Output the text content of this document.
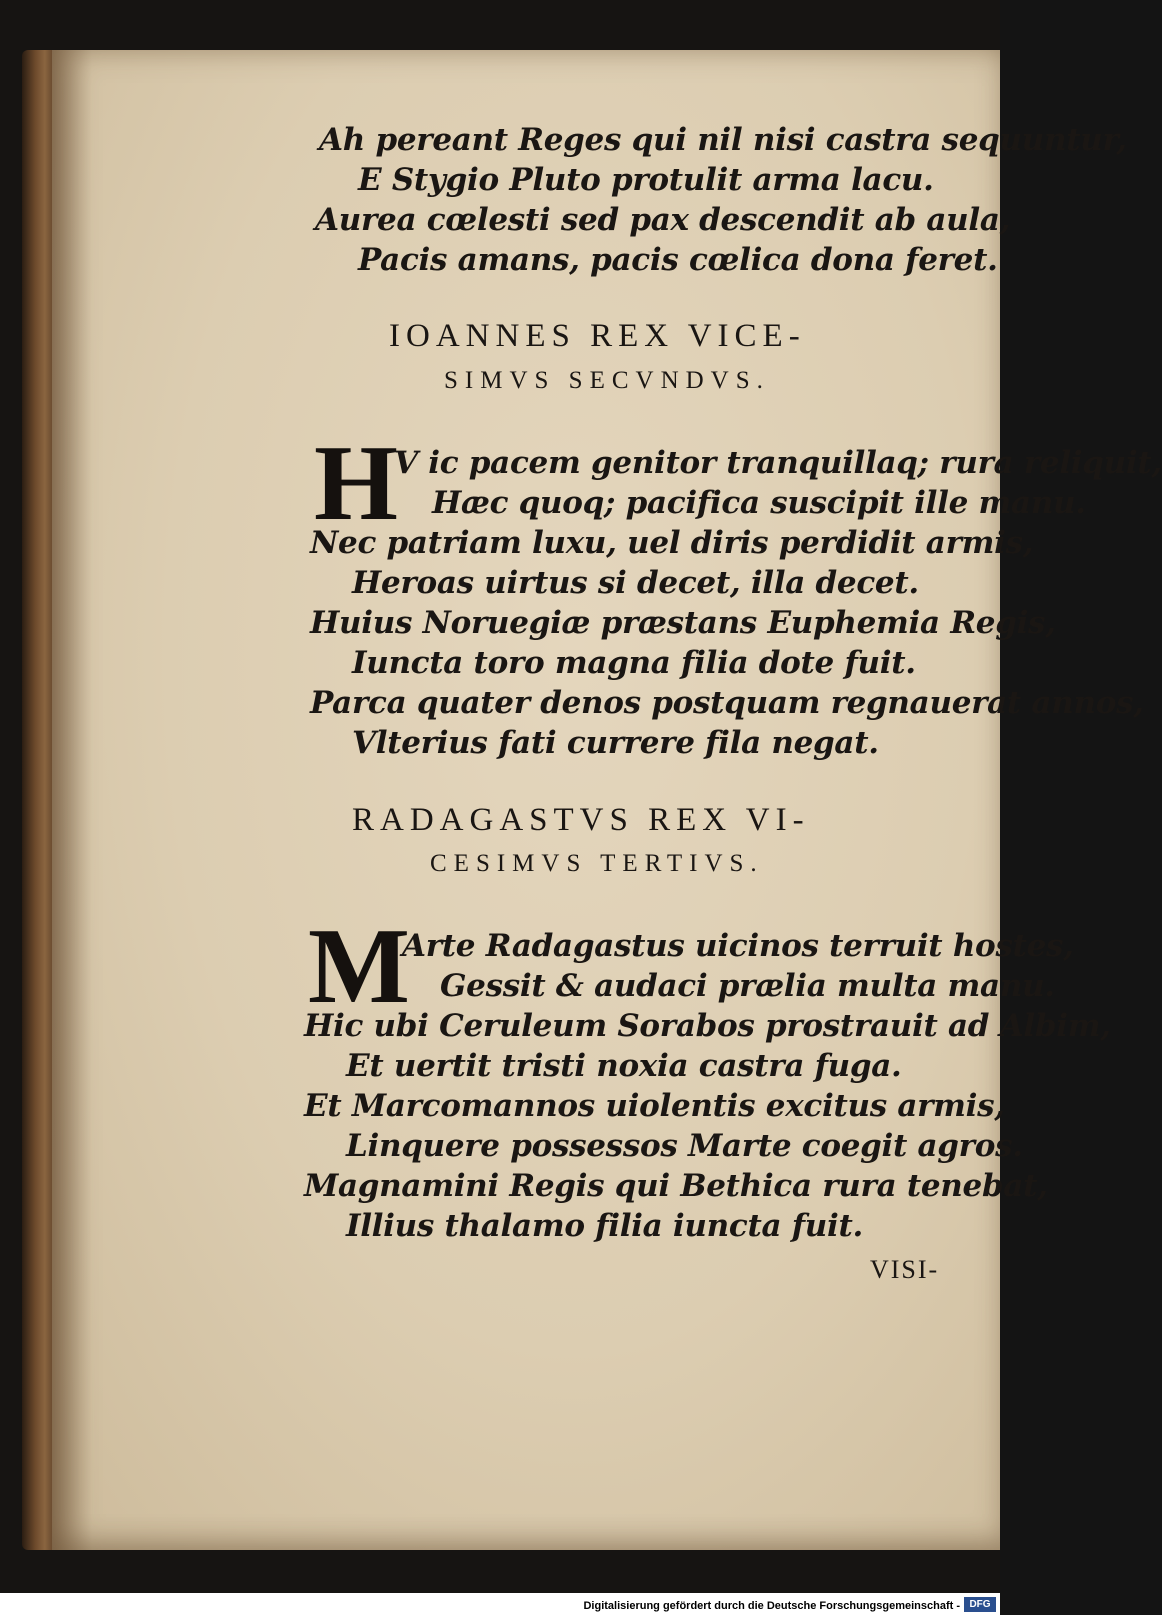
Ah pereant Reges qui nil nisi castra sequuntur,
E Stygio Pluto protulit arma lacu.
Aurea cœlesti sed pax descendit ab aula,
Pacis amans, pacis cœlica dona feret.
IOANNES REX VICE-
SIMVS SECVNDVS.
H
V ic pacem genitor tranquillaq; rura reliquit,
Hæc quoq; pacifica suscipit ille manu.
Nec patriam luxu, uel diris perdidit armis,
Heroas uirtus si decet, illa decet.
Huius Noruegiæ præstans Euphemia Regis,
Iuncta toro magna filia dote fuit.
Parca quater denos postquam regnauerat annos,
Vlterius fati currere fila negat.
RADAGASTVS REX VI-
CESIMVS TERTIVS.
M
Arte Radagastus uicinos terruit hostes,
Gessit & audaci prælia multa manu.
Hic ubi Ceruleum Sorabos prostrauit ad Albim,
Et uertit tristi noxia castra fuga.
Et Marcomannos uiolentis excitus armis,
Linquere possessos Marte coegit agros.
Magnamini Regis qui Bethica rura tenebat,
Illius thalamo filia iuncta fuit.
VISI-
Digitalisierung gefördert durch die Deutsche Forschungsgemeinschaft - DFG
